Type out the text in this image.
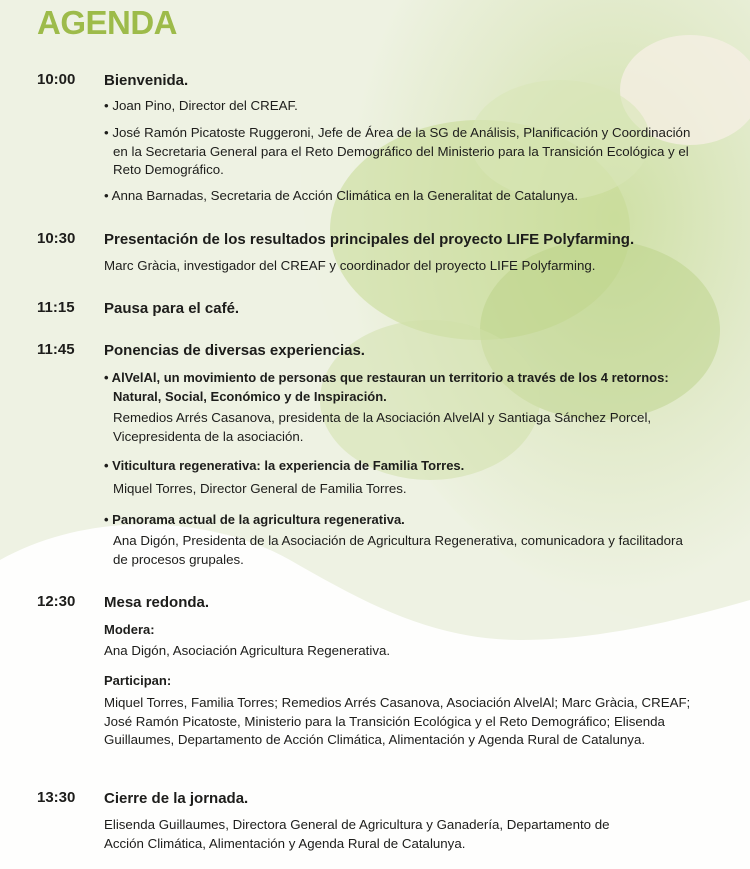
AGENDA
10:00 Bienvenida.
• Joan Pino, Director del CREAF.
• José Ramón Picatoste Ruggeroni, Jefe de Área de la SG de Análisis, Planificación y Coordinación en la Secretaria General para el Reto Demográfico del Ministerio para la Transición Ecológica y el Reto Demográfico.
• Anna Barnadas, Secretaria de Acción Climática en la Generalitat de Catalunya.
10:30 Presentación de los resultados principales del proyecto LIFE Polyfarming.
Marc Gràcia, investigador del CREAF y coordinador del proyecto LIFE Polyfarming.
11:15 Pausa para el café.
11:45 Ponencias de diversas experiencias.
• AlVelAl, un movimiento de personas que restauran un territorio a través de los 4 retornos: Natural, Social, Económico y de Inspiración.
Remedios Arrés Casanova, presidenta de la Asociación AlvelAl y Santiaga Sánchez Porcel, Vicepresidenta de la asociación.
• Viticultura regenerativa: la experiencia de Familia Torres.
Miquel Torres, Director General de Familia Torres.
• Panorama actual de la agricultura regenerativa.
Ana Digón, Presidenta de la Asociación de Agricultura Regenerativa, comunicadora y facilitadora de procesos grupales.
12:30 Mesa redonda.
Modera:
Ana Digón, Asociación Agricultura Regenerativa.
Participan:
Miquel Torres, Familia Torres; Remedios Arrés Casanova, Asociación AlvelAl; Marc Gràcia, CREAF; José Ramón Picatoste, Ministerio para la Transición Ecológica y el Reto Demográfico; Elisenda Guillaumes, Departamento de Acción Climática, Alimentación y Agenda Rural de Catalunya.
13:30 Cierre de la jornada.
Elisenda Guillaumes, Directora General de Agricultura y Ganadería, Departamento de Acción Climática, Alimentación y Agenda Rural de Catalunya.
